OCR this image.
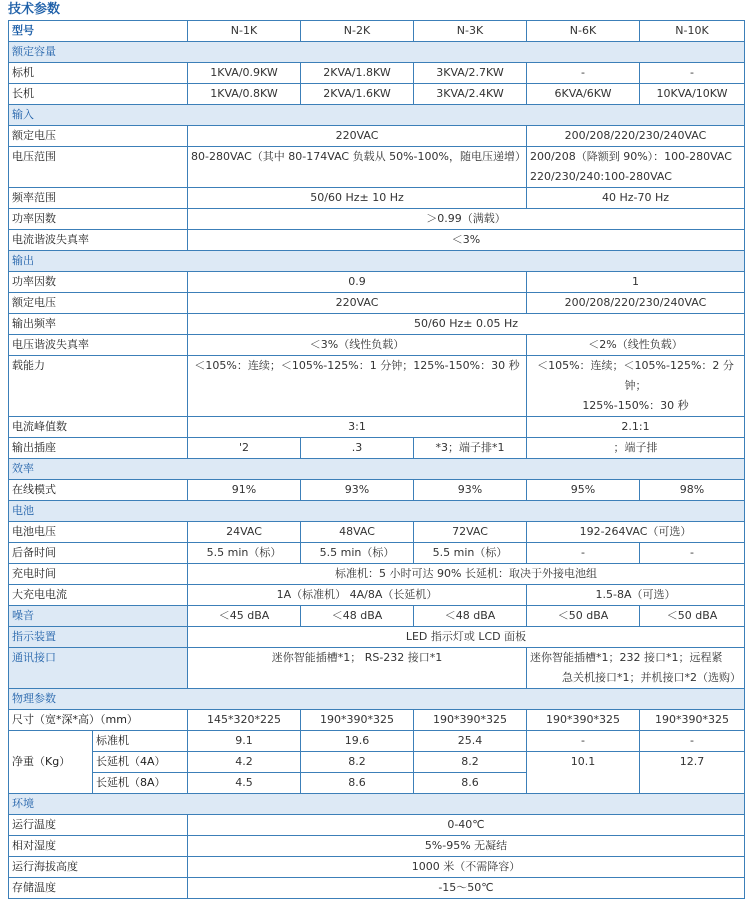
技术参数
型号		N-1K	N-2K	N-3K	N-6K	N-10K
额定容量						
标机		1KVA/0.9KW	2KVA/1.8KW	3KVA/2.7KW	-	-
长机		1KVA/0.8KW	2KVA/1.6KW	3KVA/2.4KW	6KVA/6KW	10KVA/10KW
输入						
额定电压		220VAC			200/208/220/230/240VAC	
电压范围		80-280VAC（其中 80-174VAC 负载从 50%-100%，随电压递增）			200/208（降额到 90%）：100-280VAC
220/230/240:100-280VAC	

频率范围		50/60 Hz± 10 Hz			40 Hz-70 Hz	
功率因数		＞0.99（满载）				
电流谐波失真率		＜3%				
输出						
功率因数		0.9			1	
额定电压		220VAC			200/208/220/230/240VAC	
输出频率		50/60 Hz± 0.05 Hz				
电压谐波失真率		＜3%（线性负载）			＜2%（线性负载）	
载能力		＜105%：连续；＜105%-125%：1 分钟；125%-150%：30 秒			＜105%：连续；＜105%-125%：2 分钟；
125%-150%：30 秒	

电流峰值数		3:1			2.1:1	
输出插座		'2	.3	*3；端子排*1	；端子排	
效率						
在线模式		91%	93%	93%	95%	98%
电池						
电池电压		24VAC	48VAC	72VAC	192-264VAC（可选）	
后备时间		5.5 min（标）	5.5 min（标）	5.5 min（标）	-	-
充电时间		标准机：5 小时可达 90% 长延机：取决于外接电池组				
大充电电流		1A（标准机） 4A/8A（长延机）			1.5-8A（可选）	
噪音		＜45 dBA	＜48 dBA	＜48 dBA	＜50 dBA	＜50 dBA
指示装置		LED 指示灯或 LCD 面板				
通讯接口		迷你智能插槽*1； RS-232 接口*1			迷你智能插槽*1；232 接口*1；远程紧
急关机接口*1；并机接口*2（选购）	

物理参数						
尺寸（宽*深*高）（mm）		145*320*225	190*390*325	190*390*325	190*390*325	190*390*325
净重（Kg）	标准机	9.1	19.6	25.4	-	-
	长延机（4A）	4.2	8.2	8.2	10.1	12.7
	长延机（8A）	4.5	8.6	8.6		
环境						
运行温度		0-40℃				
相对湿度		5%-95% 无凝结				
运行海拔高度		1000 米（不需降容）				
存储温度		-15～50℃				
